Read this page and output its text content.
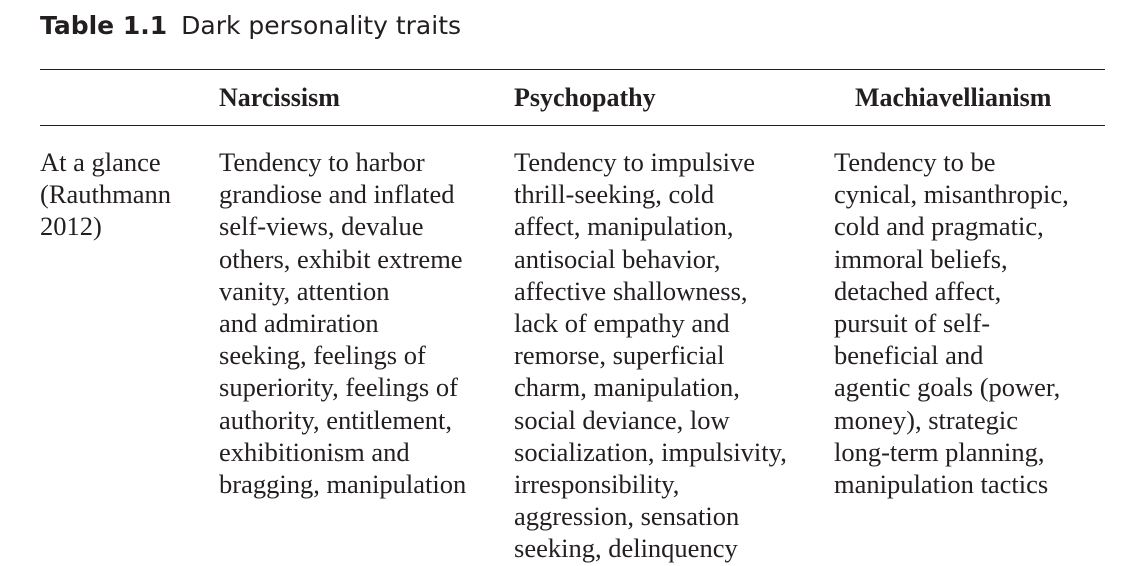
Table 1.1 Dark personality traits
Narcissism	Psychopathy	Machiavellianism
At a glance
(Rauthmann
2012)
Tendency to harbor
grandiose and inflated
self-views, devalue
others, exhibit extreme
vanity, attention
and admiration
seeking, feelings of
superiority, feelings of
authority, entitlement,
exhibitionism and
bragging, manipulation
Tendency to impulsive
thrill-seeking, cold
affect, manipulation,
antisocial behavior,
affective shallowness,
lack of empathy and
remorse, superficial
charm, manipulation,
social deviance, low
socialization, impulsivity,
irresponsibility,
aggression, sensation
seeking, delinquency
Tendency to be
cynical, misanthropic,
cold and pragmatic,
immoral beliefs,
detached affect,
pursuit of self-
beneficial and
agentic goals (power,
money), strategic
long-term planning,
manipulation tactics
